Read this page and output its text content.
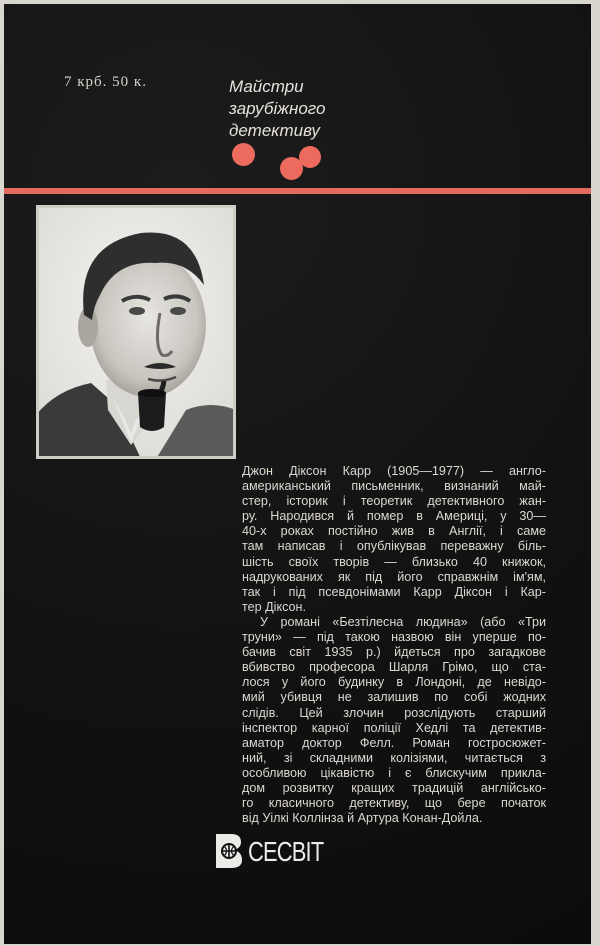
7 крб. 50 к.	Майстри
зарубіжного
детективу

Джон Діксон Карр (1905—1977) — англо-
американський письменник, визнаний май-
стер, історик і теоретик детективного жан-
ру. Народився й помер в Америці, у 30—
40-х роках постійно жив в Англії, і саме
там написав і опублікував переважну біль-
шість своїх творів — близько 40 книжок,
надрукованих як під його справжнім ім'ям,
так і під псевдонімами Карр Діксон і Кар-
тер Діксон.

У романі «Безтілесна людина» (або «Три
труни» — під такою назвою він уперше по-
бачив світ 1935 р.) йдеться про загадкове
вбивство професора Шарля Грімо, що ста-
лося у його будинку в Лондоні, де невідо-
мий убивця не залишив по собі жодних
слідів. Цей злочин розслідують старший
інспектор карної поліції Хедлі та детектив-
аматор доктор Фелл. Роман гостросюжет-
ний, зі складними колізіями, читається з
особливою цікавістю і є блискучим прикла-
дом розвитку кращих традицій англійсько-
го класичного детективу, що бере початок
від Уілкі Коллінза й Артура Конан-Дойла.

СЕСВІТ
